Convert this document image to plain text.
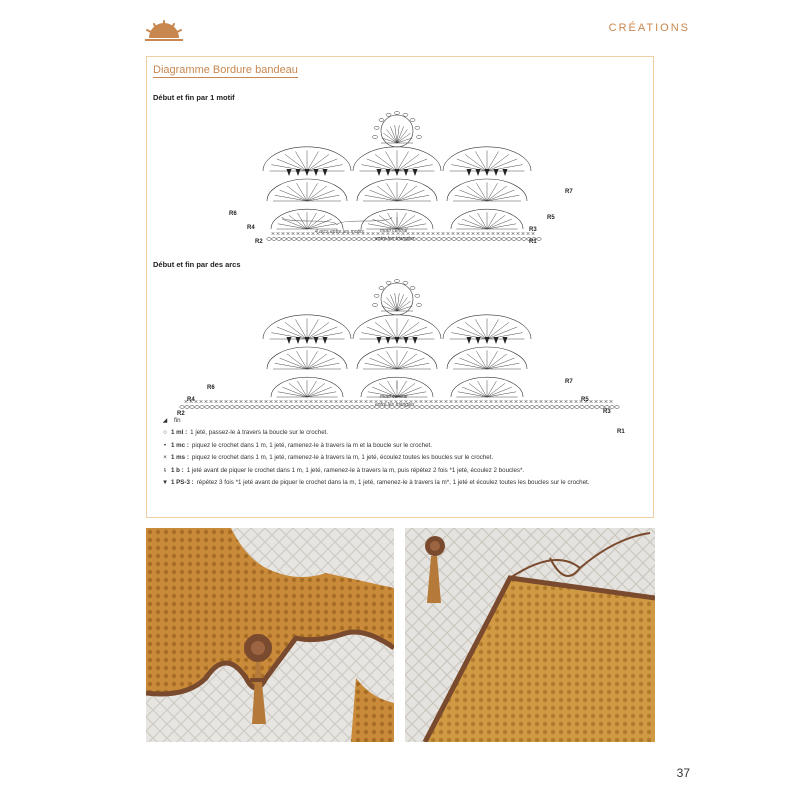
CRÉATIONS
Diagramme Bordure bandeau
Début et fin par 1 motif
R6
R4
R2
R7
R5
R3
R1
4 arcs entre les motifs	motif central
entre les triangles
Début et fin par des arcs
R6
R4
R2
R7
R5
R3
R1
motif central
entre les triangles
◢	fin
○ 1 ml : 1 jeté, passez-le à travers la boucle sur le crochet.
• 1 mc : piquez le crochet dans 1 m, 1 jeté, ramenez-le à travers la m et la boucle sur le crochet.
× 1 ms : piquez le crochet dans 1 m, 1 jeté, ramenez-le à travers la m, 1 jeté, écoulez toutes les boucles sur le crochet.
ŧ 1 b : 1 jeté avant de piquer le crochet dans 1 m, 1 jeté, ramenez-le à travers la m, puis répétez 2 fois *1 jeté, écoulez 2 boucles*.
▼ 1 PS-3 : répétez 3 fois *1 jeté avant de piquer le crochet dans la m, 1 jeté, ramenez-le à travers la m*, 1 jeté et écoulez toutes les boucles sur le crochet.
37
